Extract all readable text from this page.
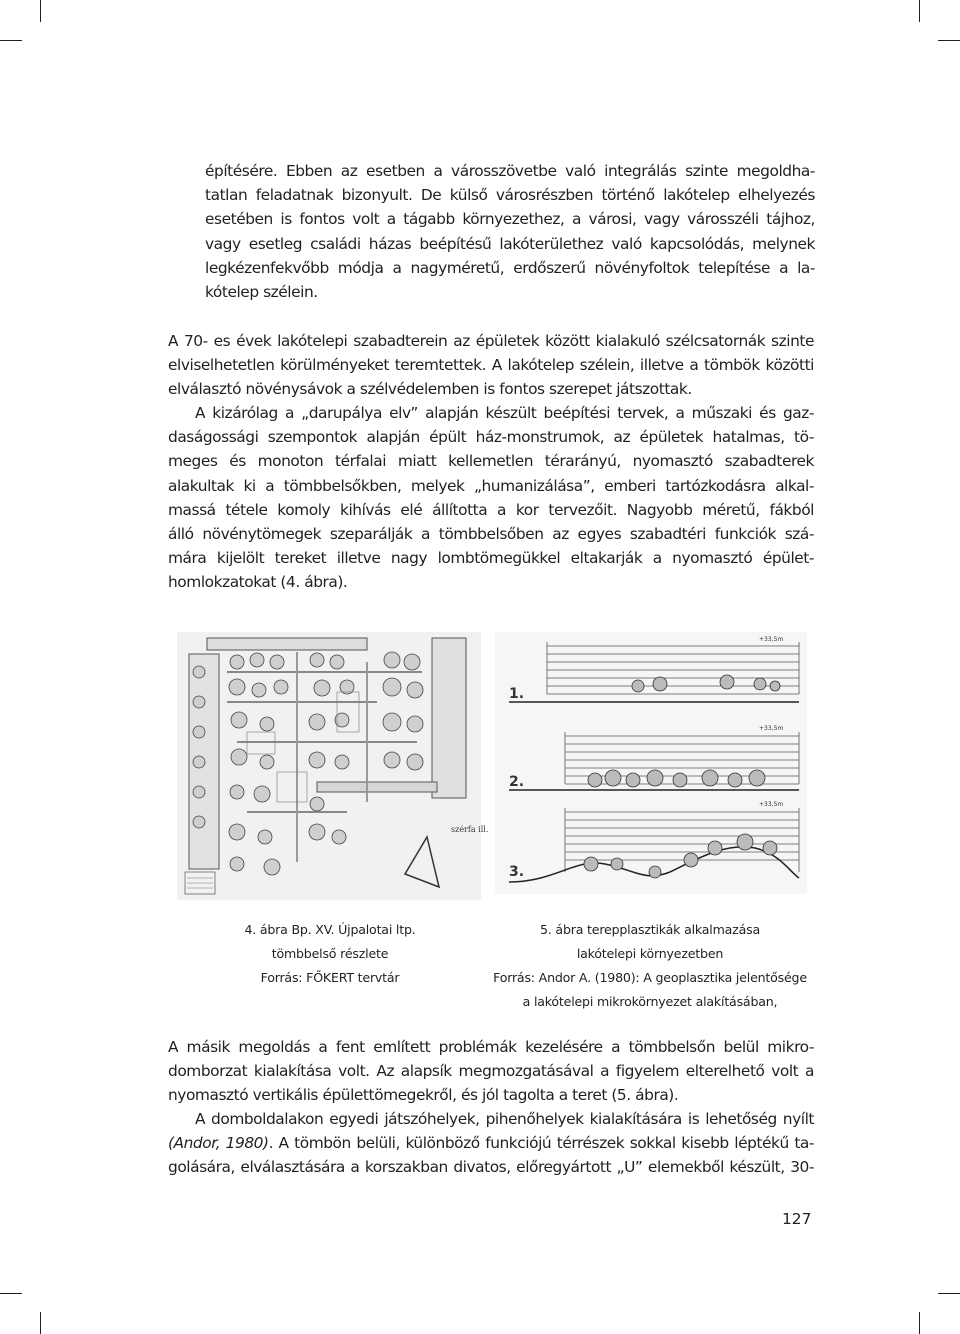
építésére. Ebben az esetben a városszövetbe való integrálás szinte megoldha-
tatlan feladatnak bizonyult. De külső városrészben történő lakótelep elhelyezés
esetében is fontos volt a tágabb környezethez, a városi, vagy városszéli tájhoz,
vagy esetleg családi házas beépítésű lakóterülethez való kapcsolódás, melynek
legkézenfekvőbb módja a nagyméretű, erdőszerű növényfoltok telepítése a la-
kótelep szélein.
A 70- es évek lakótelepi szabadterein az épületek között kialakuló szélcsatornák szinte
elviselhetetlen körülményeket teremtettek. A lakótelep szélein, illetve a tömbök közötti
elválasztó növénysávok a szélvédelemben is fontos szerepet játszottak.
A kizárólag a „darupálya elv” alapján készült beépítési tervek, a műszaki és gaz-
daságossági szempontok alapján épült ház-monstrumok, az épületek hatalmas, tö-
meges és monoton térfalai miatt kellemetlen térarányú, nyomasztó szabadterek
alakultak ki a tömbbelsőkben, melyek „humanizálása”, emberi tartózkodásra alkal-
massá tétele komoly kihívás elé állította a kor tervezőit. Nagyobb méretű, fákból
álló növénytömegek szeparálják a tömbbelsőben az egyes szabadtéri funkciók szá-
mára kijelölt tereket illetve nagy lombtömegükkel eltakarják a nyomasztó épület-
homlokzatokat (4. ábra).
szérfa ill.
1.
+33,5m
2.
+33,5m
3.
+33,5m
4. ábra Bp. XV. Újpalotai ltp.
tömbbelső részlete
Forrás: FŐKERT tervtár
5. ábra terepplasztikák alkalmazása
lakótelepi környezetben
Forrás: Andor A. (1980): A geoplasztika jelentősége
a lakótelepi mikrokörnyezet alakításában,
A másik megoldás a fent említett problémák kezelésére a tömbbelsőn belül mikro-
domborzat kialakítása volt. Az alapsík megmozgatásával a figyelem elterelhető volt a
nyomasztó vertikális épülettömegekről, és jól tagolta a teret (5. ábra).
A domboldalakon egyedi játszóhelyek, pihenőhelyek kialakítására is lehetőség nyílt
(Andor, 1980). A tömbön belüli, különböző funkciójú térrészek sokkal kisebb léptékű ta-
golására, elválasztására a korszakban divatos, előregyártott „U” elemekből készült, 30-
127
